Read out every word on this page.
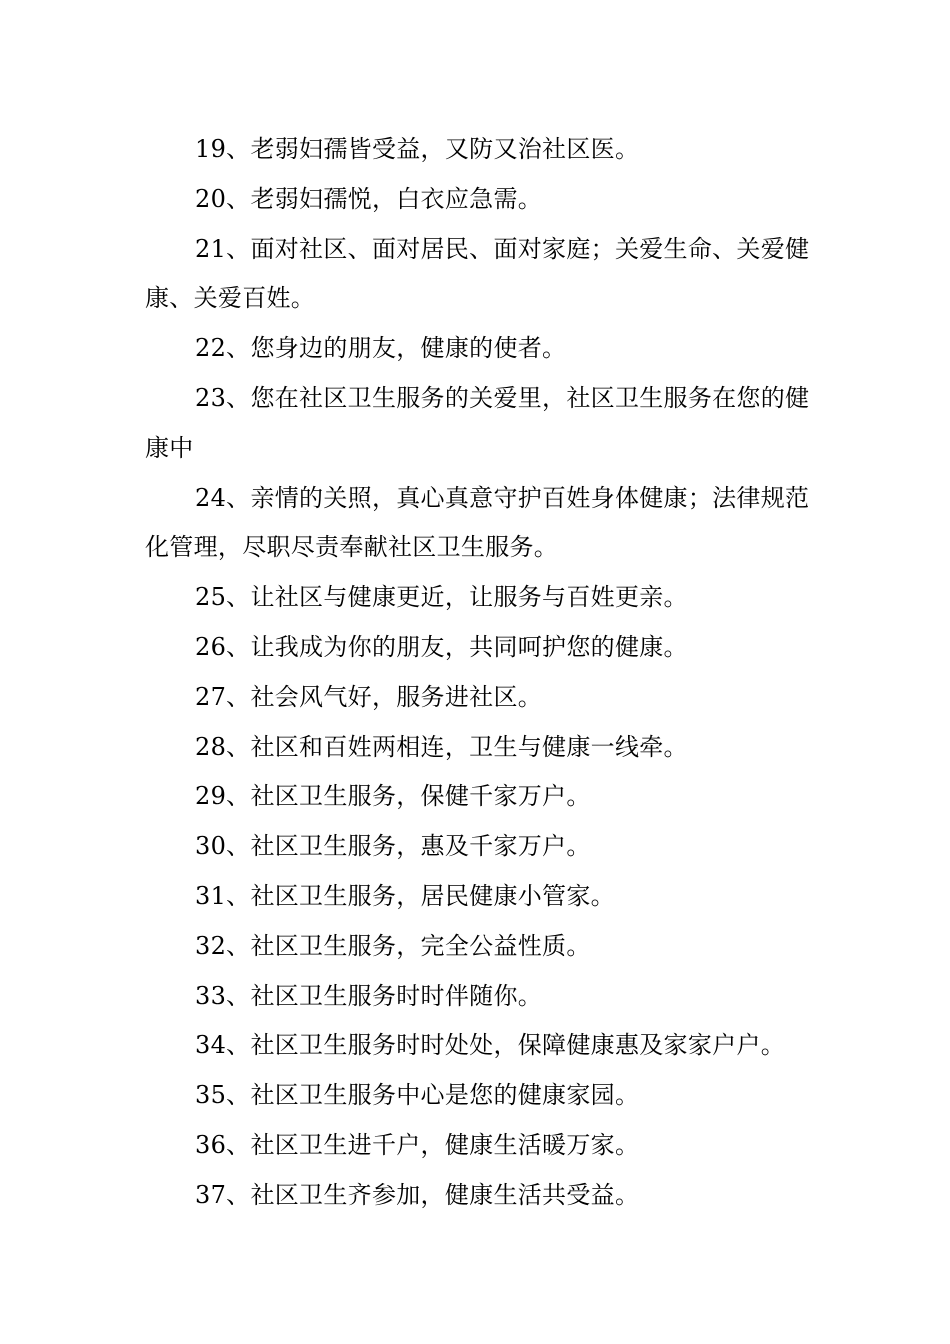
19、老弱妇孺皆受益，又防又治社区医。

20、老弱妇孺悦，白衣应急需。

21、面对社区、面对居民、面对家庭；关爱生命、关爱健康、关爱百姓。

22、您身边的朋友，健康的使者。

23、您在社区卫生服务的关爱里，社区卫生服务在您的健康中

24、亲情的关照，真心真意守护百姓身体健康；法律规范化管理，尽职尽责奉献社区卫生服务。

25、让社区与健康更近，让服务与百姓更亲。

26、让我成为你的朋友，共同呵护您的健康。

27、社会风气好，服务进社区。

28、社区和百姓两相连，卫生与健康一线牵。

29、社区卫生服务，保健千家万户。

30、社区卫生服务，惠及千家万户。

31、社区卫生服务，居民健康小管家。

32、社区卫生服务，完全公益性质。

33、社区卫生服务时时伴随你。

34、社区卫生服务时时处处，保障健康惠及家家户户。

35、社区卫生服务中心是您的健康家园。

36、社区卫生进千户，健康生活暖万家。

37、社区卫生齐参加，健康生活共受益。
